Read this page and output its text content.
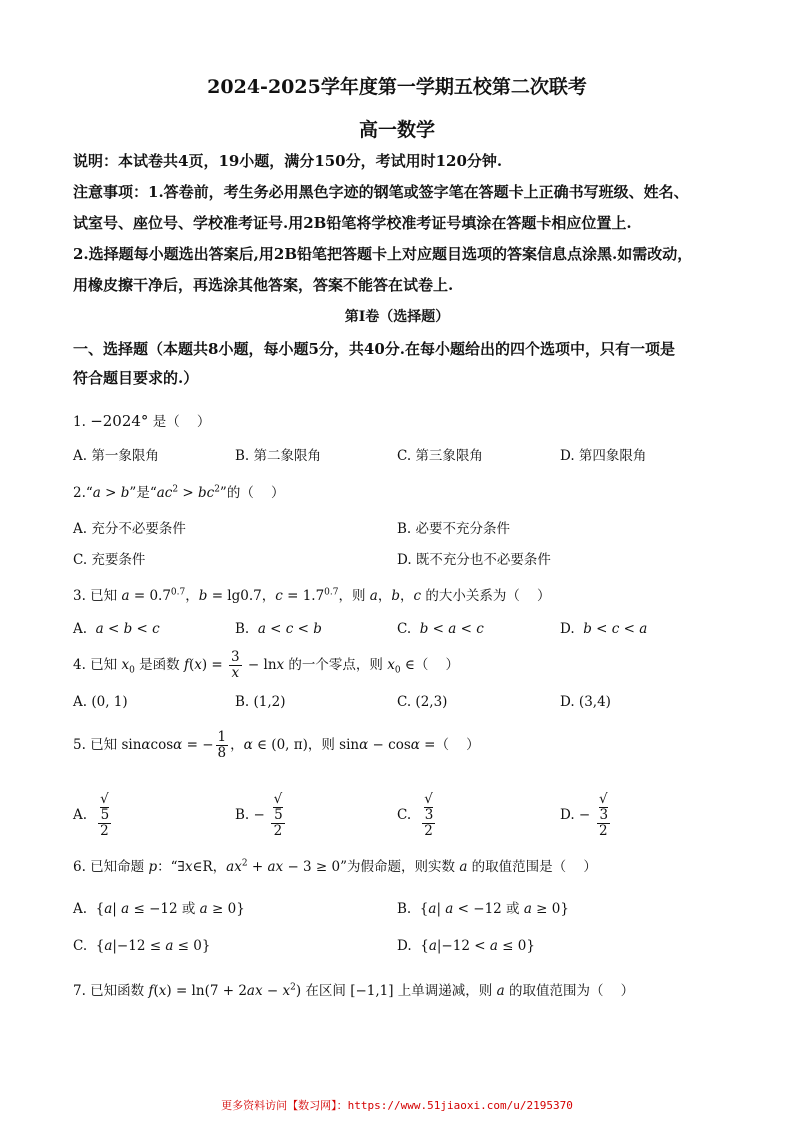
2024-2025学年度第一学期五校第二次联考
高一数学

说明：本试卷共4页，19小题，满分150分，考试用时120分钟.

注意事项：1.答卷前，考生务必用黑色字迹的钢笔或签字笔在答题卡上正确书写班级、姓名、

试室号、座位号、学校准考证号.用2B铅笔将学校准考证号填涂在答题卡相应位置上.

2.选择题每小题选出答案后,用2B铅笔把答题卡上对应题目选项的答案信息点涂黑.如需改动，

用橡皮擦干净后，再选涂其他答案，答案不能答在试卷上.

第I卷（选择题）
一、选择题（本题共8小题，每小题5分，共40分.在每小题给出的四个选项中，只有一项是
符合题目要求的.）
1. −2024° 是（    ）
A. 第一象限角	B. 第二象限角	C. 第三象限角	D. 第四象限角
2.“a > b”是“$ac^2 > bc^2$”的（    ）
A. 充分不必要条件	B. 必要不充分条件
C. 充要条件	D. 既不充分也不必要条件
3. 已知 $a = 0.7^{0.7}$，b = lg0.7，$c = 1.7^{0.7}$，则 a，b，c 的大小关系为（    ）
A. a < b < c	B. a < c < b	C. b < a < c	D. b < c < a
4. 已知 $x_0$ 是函数 $f(x) = \frac{3}{x} - \ln x$ 的一个零点，则 $x_0$ ∈（    ）
A. (0, 1)	B. (1,2)	C. (2,3)	D. (3,4)
5. 已知 sinαcosα = − $\frac{1}{8}$ ，α ∈ (0, π)，则 sinα − cosα =（    ）
A. √
5
2	B. − √
5
2	C. √
3
2	D. − √
3
2
6. 已知命题 p：“∃x∈R，$ax^2$ + ax − 3 ≥ 0”为假命题，则实数 a 的取值范围是（    ）
A.  {a| a ≤ −12 或 a ≥ 0}	B.  {a| a < −12 或 a ≥ 0}
C.  {a|−12 ≤ a ≤ 0}	D.  {a|−12 < a ≤ 0}
7. 已知函数 $f(x) = \ln(7 + 2ax - x^2)$ 在区间 [−1,1] 上单调递减，则 a 的取值范围为（    ）
更多资料访问【数习网】：https://www.51jiaoxi.com/u/2195370
